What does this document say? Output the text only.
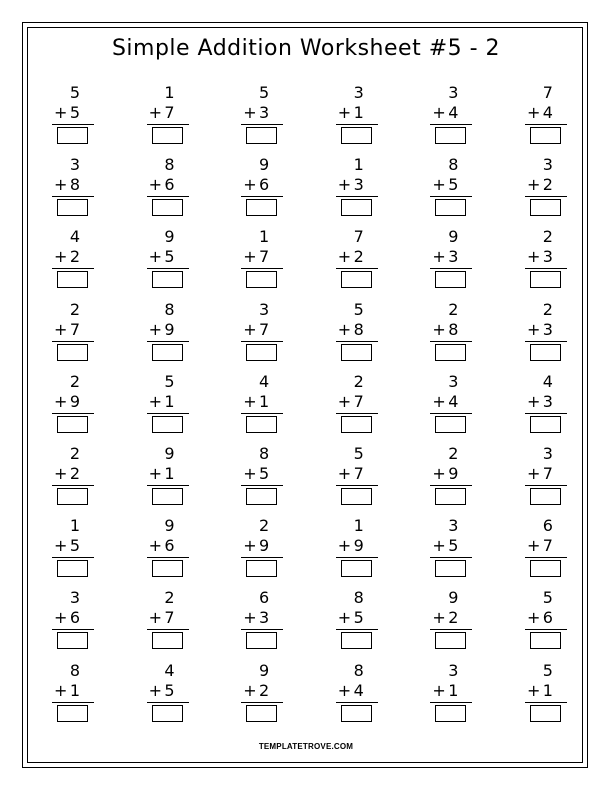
Simple Addition Worksheet #5 - 2
5
+ 5
1
+ 7
5
+ 3
3
+ 1
3
+ 4
7
+ 4
3
+ 8
8
+ 6
9
+ 6
1
+ 3
8
+ 5
3
+ 2
4
+ 2
9
+ 5
1
+ 7
7
+ 2
9
+ 3
2
+ 3
2
+ 7
8
+ 9
3
+ 7
5
+ 8
2
+ 8
2
+ 3
2
+ 9
5
+ 1
4
+ 1
2
+ 7
3
+ 4
4
+ 3
2
+ 2
9
+ 1
8
+ 5
5
+ 7
2
+ 9
3
+ 7
1
+ 5
9
+ 6
2
+ 9
1
+ 9
3
+ 5
6
+ 7
3
+ 6
2
+ 7
6
+ 3
8
+ 5
9
+ 2
5
+ 6
8
+ 1
4
+ 5
9
+ 2
8
+ 4
3
+ 1
5
+ 1
TEMPLATETROVE.COM
